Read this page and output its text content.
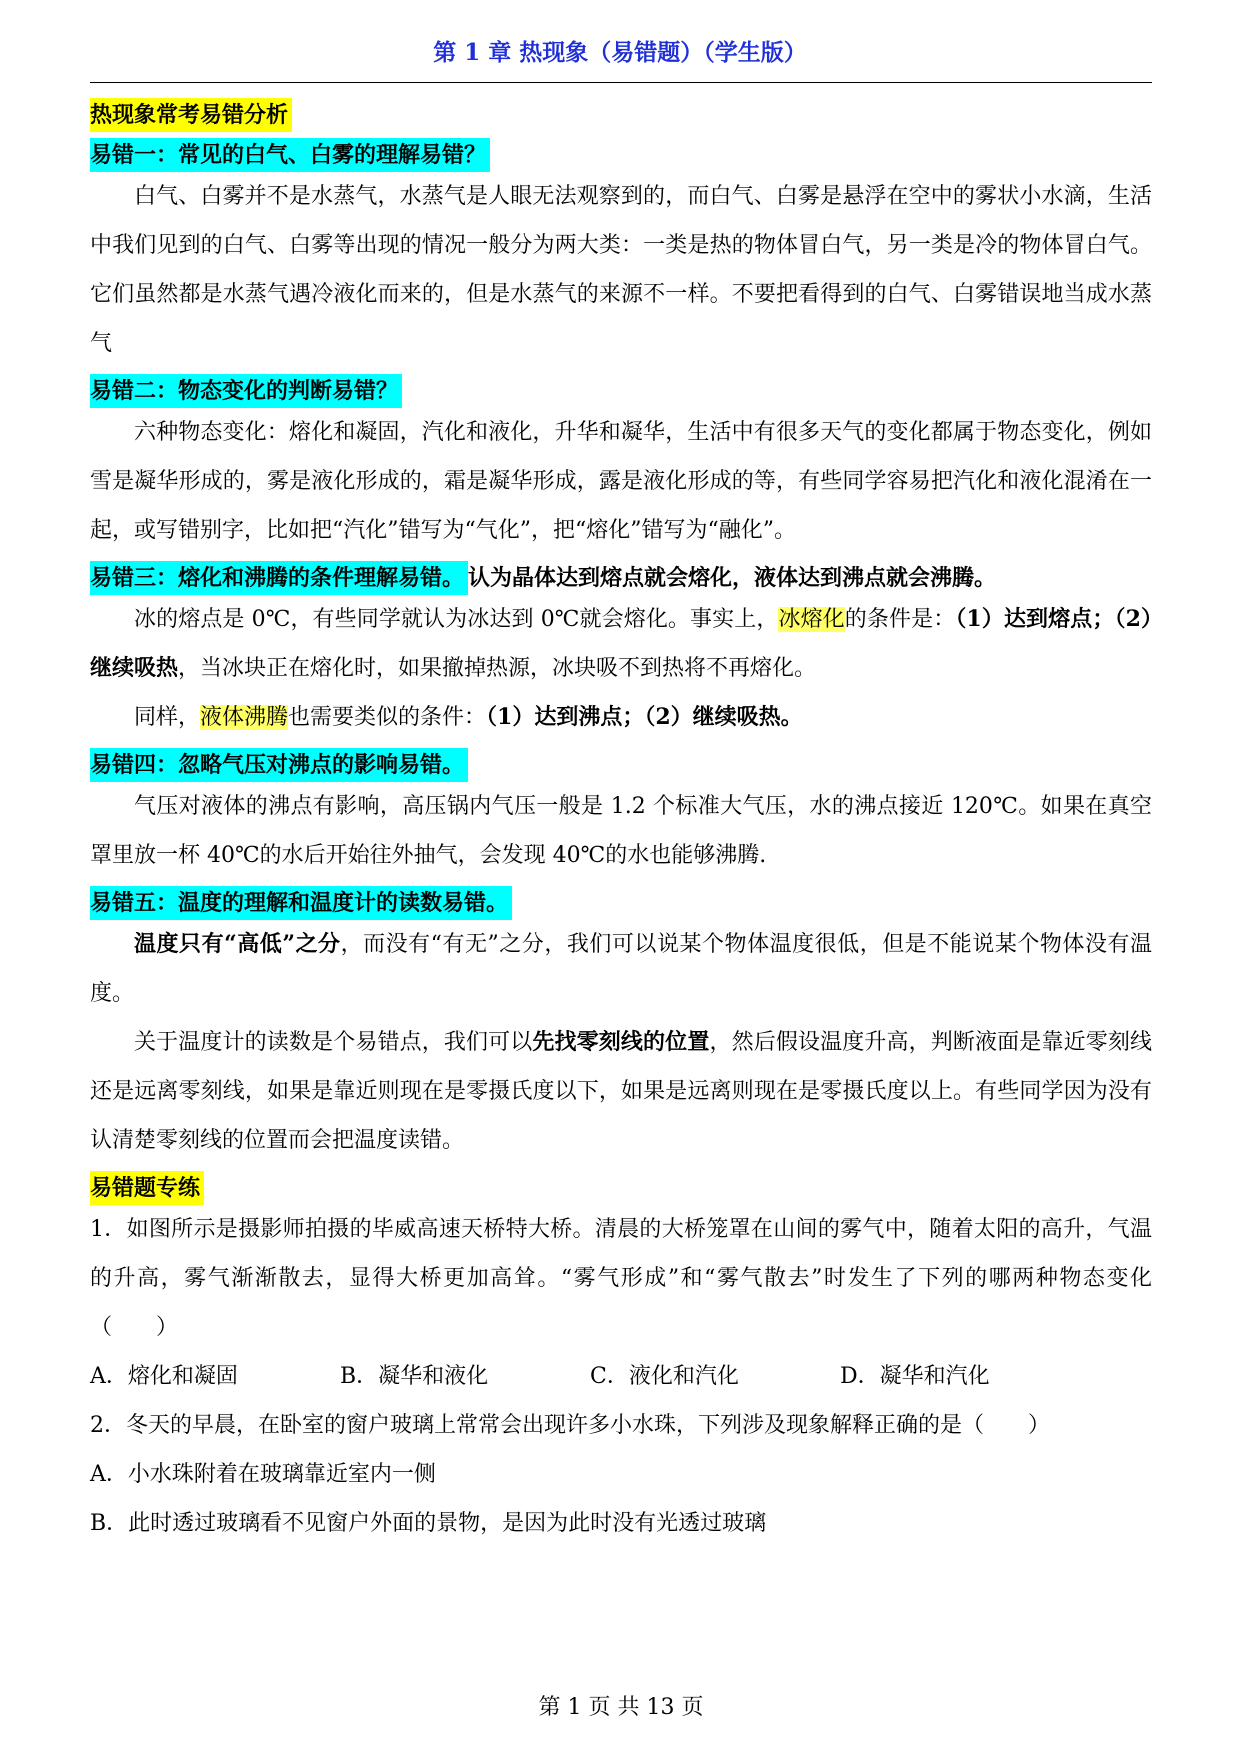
第 1 章 热现象（易错题）（学生版）
热现象常考易错分析
易错一：常见的白气、白雾的理解易错？

白气、白雾并不是水蒸气，水蒸气是人眼无法观察到的，而白气、白雾是悬浮在空中的雾状小水滴，生活中我们见到的白气、白雾等出现的情况一般分为两大类：一类是热的物体冒白气，另一类是冷的物体冒白气。它们虽然都是水蒸气遇冷液化而来的，但是水蒸气的来源不一样。不要把看得到的白气、白雾错误地当成水蒸气

易错二：物态变化的判断易错？

六种物态变化：熔化和凝固，汽化和液化，升华和凝华，生活中有很多天气的变化都属于物态变化，例如雪是凝华形成的，雾是液化形成的，霜是凝华形成，露是液化形成的等，有些同学容易把汽化和液化混淆在一起，或写错别字，比如把“汽化”错写为“气化”，把“熔化”错写为“融化”。

易错三：熔化和沸腾的条件理解易错。 认为晶体达到熔点就会熔化，液体达到沸点就会沸腾。

冰的熔点是 0℃，有些同学就认为冰达到 0℃就会熔化。事实上，冰熔化的条件是：（1）达到熔点；（2）继续吸热，当冰块正在熔化时，如果撤掉热源，冰块吸不到热将不再熔化。

同样，液体沸腾也需要类似的条件：（1）达到沸点；（2）继续吸热。

易错四：忽略气压对沸点的影响易错。

气压对液体的沸点有影响，高压锅内气压一般是 1.2 个标准大气压，水的沸点接近 120℃。如果在真空罩里放一杯 40℃的水后开始往外抽气，会发现 40℃的水也能够沸腾.

易错五：温度的理解和温度计的读数易错。

温度只有“高低”之分，而没有“有无”之分，我们可以说某个物体温度很低，但是不能说某个物体没有温度。

关于温度计的读数是个易错点，我们可以先找零刻线的位置，然后假设温度升高，判断液面是靠近零刻线还是远离零刻线，如果是靠近则现在是零摄氏度以下，如果是远离则现在是零摄氏度以上。有些同学因为没有认清楚零刻线的位置而会把温度读错。

易错题专练

1．如图所示是摄影师拍摄的毕威高速天桥特大桥。清晨的大桥笼罩在山间的雾气中，随着太阳的高升，气温的升高，雾气渐渐散去，显得大桥更加高耸。“雾气形成”和“雾气散去”时发生了下列的哪两种物态变化（　　）

A．熔化和凝固	B．凝华和液化	C．液化和汽化	D．凝华和汽化

2．冬天的早晨，在卧室的窗户玻璃上常常会出现许多小水珠，下列涉及现象解释正确的是（　　）

A．小水珠附着在玻璃靠近室内一侧

B．此时透过玻璃看不见窗户外面的景物，是因为此时没有光透过玻璃

第 1 页 共 13 页
